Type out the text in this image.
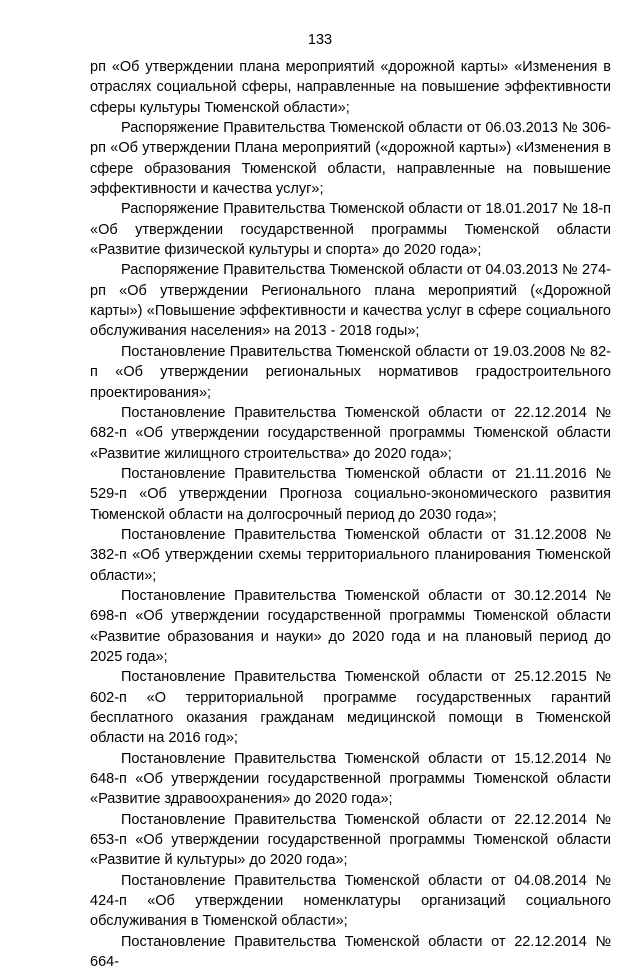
133

рп «Об утверждении плана мероприятий «дорожной карты» «Изменения в отраслях социальной сферы, направленные на повышение эффективности сферы культуры Тюменской области»;

Распоряжение Правительства Тюменской области от 06.03.2013 № 306-рп «Об утверждении Плана мероприятий («дорожной карты») «Изменения в сфере образования Тюменской области, направленные на повышение эффективности и качества услуг»;

Распоряжение Правительства Тюменской области от 18.01.2017 № 18-п «Об утверждении государственной программы Тюменской области «Развитие физической культуры и спорта» до 2020 года»;

Распоряжение Правительства Тюменской области от 04.03.2013 № 274-рп «Об утверждении Регионального плана мероприятий («Дорожной карты») «Повышение эффективности и качества услуг в сфере социального обслуживания населения» на 2013 - 2018 годы»;

Постановление Правительства Тюменской области от 19.03.2008 № 82-п «Об утверждении региональных нормативов градостроительного проектирования»;

Постановление Правительства Тюменской области от 22.12.2014 № 682-п «Об утверждении государственной программы Тюменской области «Развитие жилищного строительства» до 2020 года»;

Постановление Правительства Тюменской области от 21.11.2016 № 529-п «Об утверждении Прогноза социально-экономического развития Тюменской области на долгосрочный период до 2030 года»;

Постановление Правительства Тюменской области от 31.12.2008 № 382-п «Об утверждении схемы территориального планирования Тюменской области»;

Постановление Правительства Тюменской области от 30.12.2014 № 698-п «Об утверждении государственной программы Тюменской области «Развитие образования и науки» до 2020 года и на плановый период до 2025 года»;

Постановление Правительства Тюменской области от 25.12.2015 № 602-п «О территориальной программе государственных гарантий бесплатного оказания гражданам медицинской помощи в Тюменской области на 2016 год»;

Постановление Правительства Тюменской области от 15.12.2014 № 648-п «Об утверждении государственной программы Тюменской области «Развитие здравоохранения» до 2020 года»;

Постановление Правительства Тюменской области от 22.12.2014 № 653-п «Об утверждении государственной программы Тюменской области «Развитие й культуры» до 2020 года»;

Постановление Правительства Тюменской области от 04.08.2014 № 424-п «Об утверждении номенклатуры организаций социального обслуживания в Тюменской области»;

Постановление Правительства Тюменской области от 22.12.2014 № 664-
